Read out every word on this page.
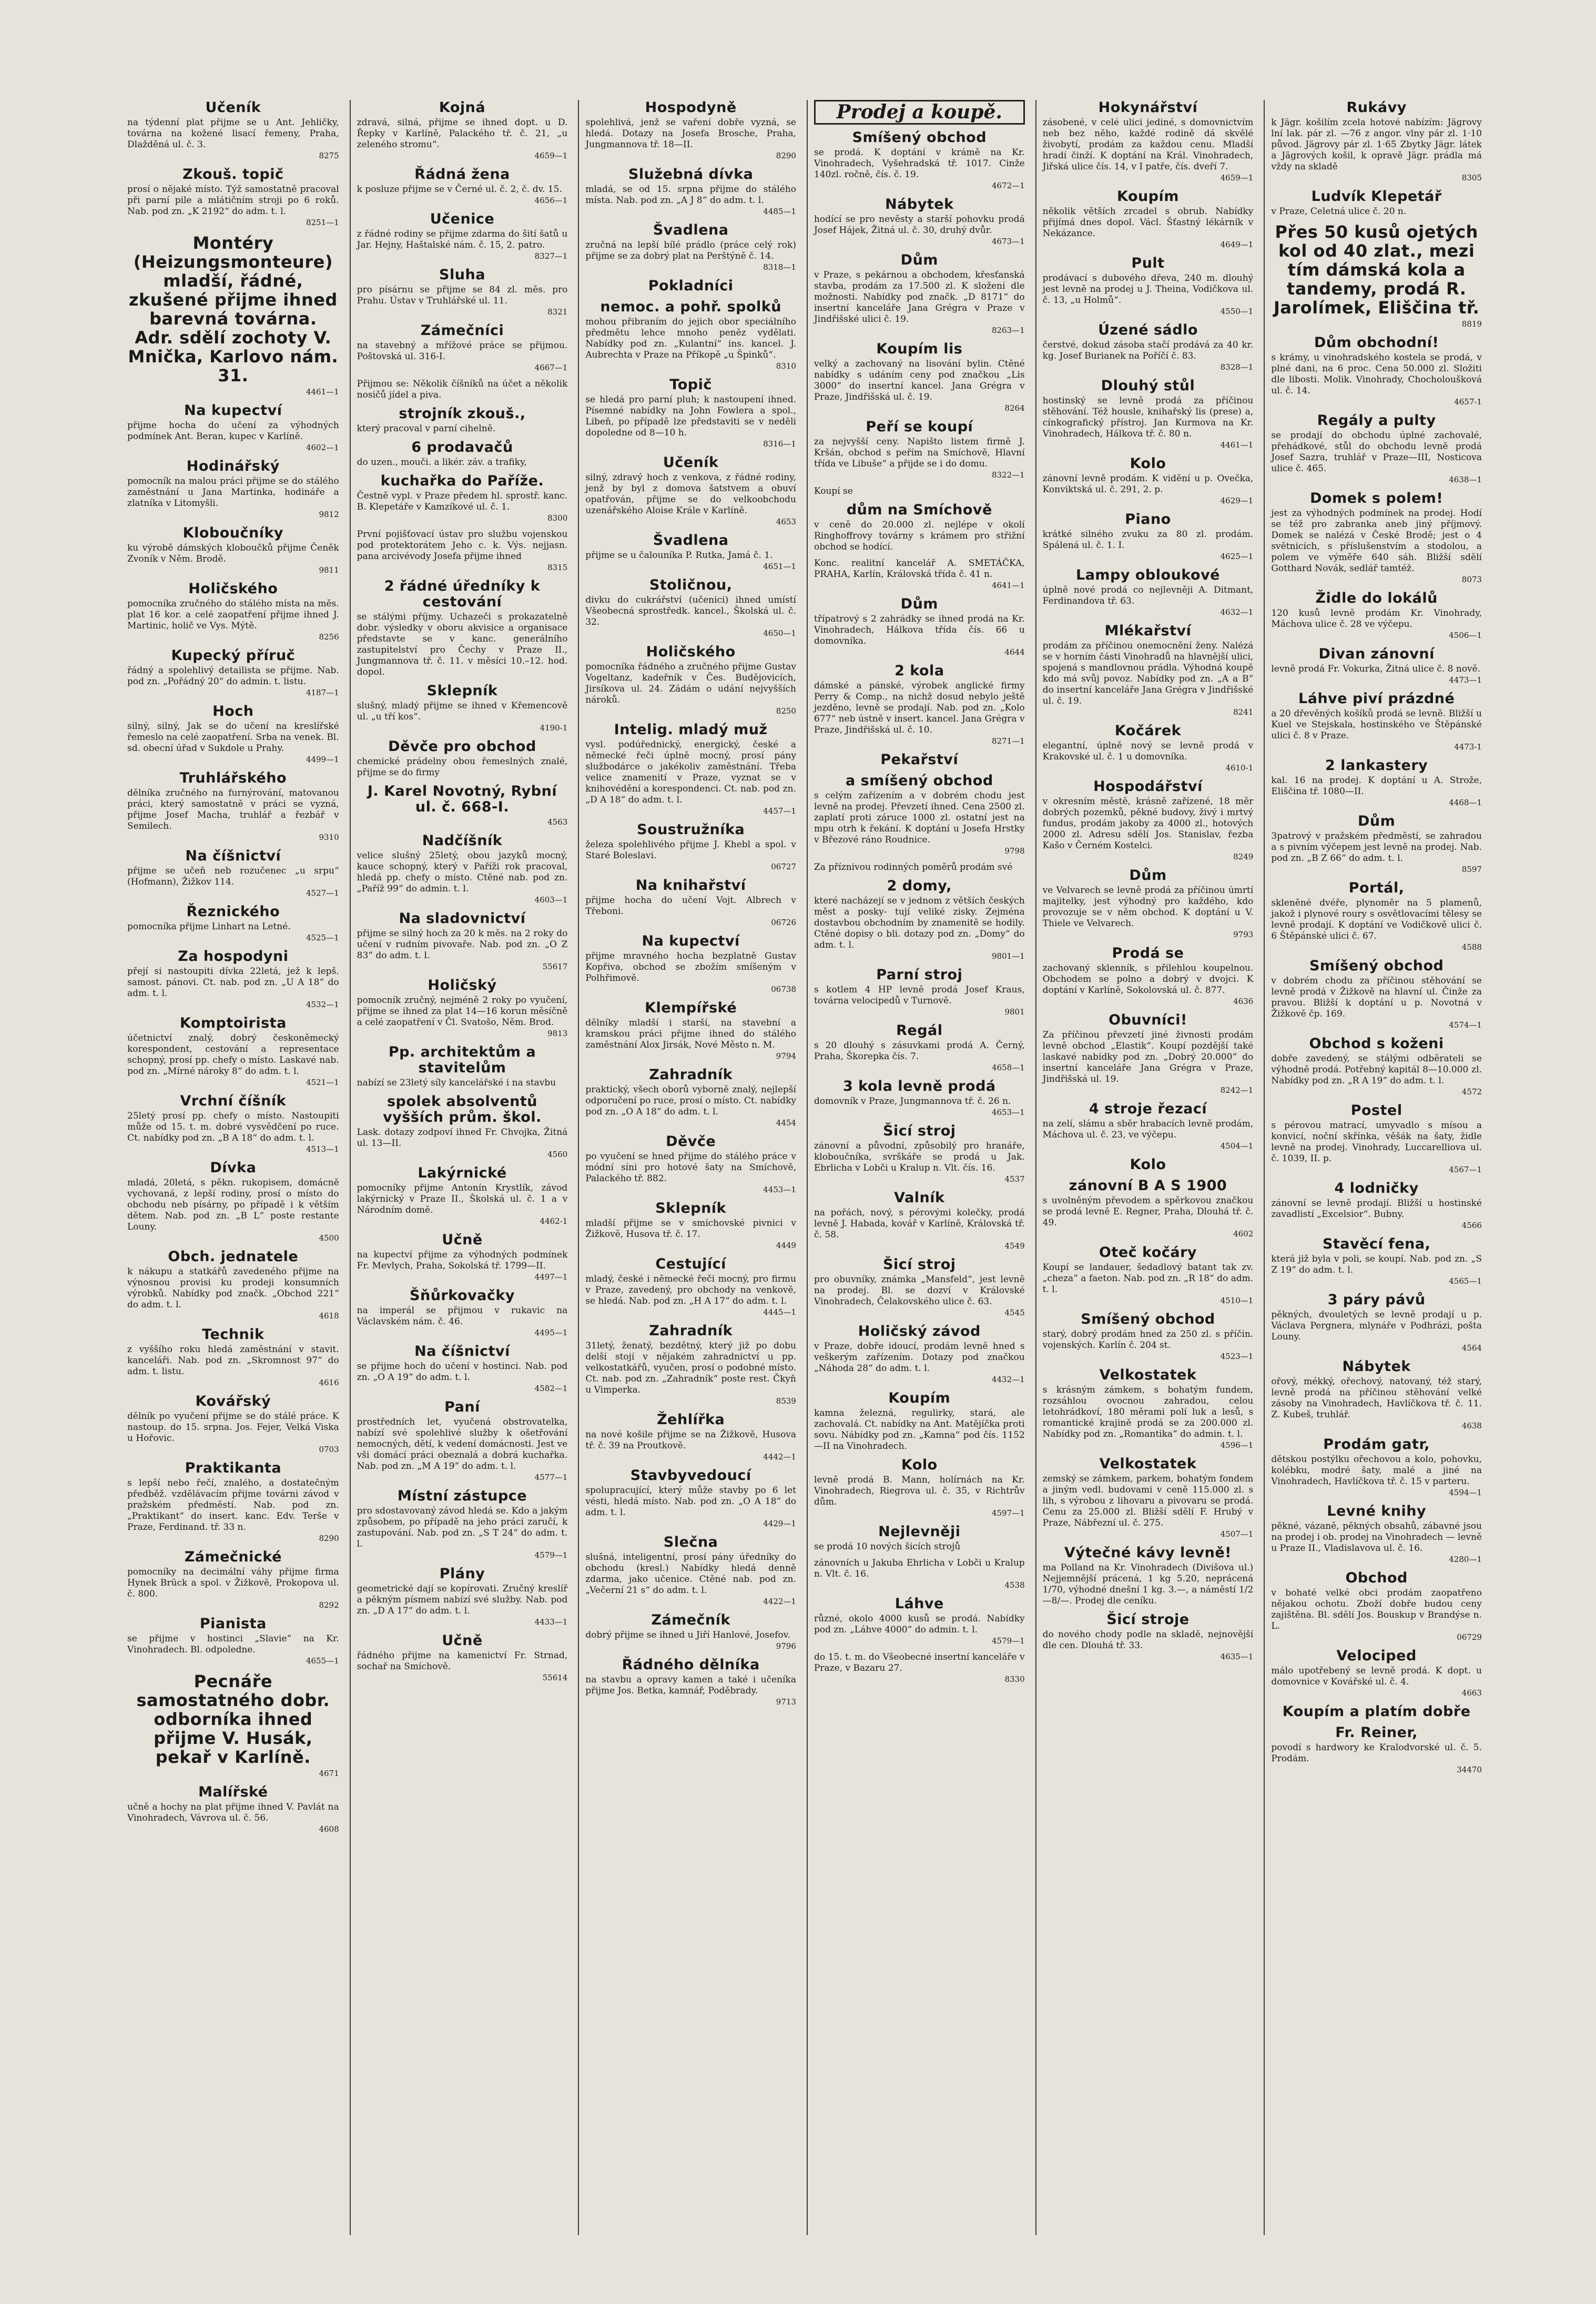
Učeník

na týdenní plat přijme se u Ant. Jehličky, továrna na kožené lisací řemeny, Praha, Dlažděná ul. č. 3.

8275
Zkouš. topič

prosí o nějaké místo. Týž samostatně pracoval při parní pile a mlátičním stroji po 6 roků. Nab. pod zn. „K 2192“ do adm. t. l.

8251—1
Montéry (Heizungsmonteure) mladší, řádné, zkušené přijme ihned barevná továrna. Adr. sdělí zochoty V. Mnička, Karlovo nám. 31.
4461—1
Na kupectví

přijme hocha do učení za výhodných podmínek Ant. Beran, kupec v Karlíně.

4602—1
Hodinářský

pomocník na malou práci přijme se do stálého zaměstnání u Jana Martinka, hodináře a zlatníka v Litomyšli.

9812
Kloboučníky

ku výrobě dámských kloboučků přijme Čeněk Zvoník v Něm. Brodě.

9811
Holičského

pomocníka zručného do stálého místa na měs. plat 16 kor. a celé zaopatření přijme ihned J. Martinic, holič ve Vys. Mýtě.

8256
Kupecký příruč

řádný a spolehlivý detailista se přijme. Nab. pod zn. „Pořádný 20“ do admin. t. listu.

4187—1
Hoch

silný, silný, Jak se do učení na kreslířské řemeslo na celé zaopatření. Srba na venek. Bl. sd. obecní úřad v Sukdole u Prahy.

4499—1
Truhlářského

dělníka zručného na furnýrování, matovanou práci, který samostatně v práci se vyzná, přijme Josef Macha, truhlář a řezbář v Semilech.

9310
Na číšnictví

přijme se učeň neb rozučenec „u srpu“ (Hofmann), Žižkov 114.

4527—1
Řeznického

pomocníka přijme Linhart na Letné.

4525—1
Za hospodyni

přejí si nastoupiti dívka 22letá, jež k lepš. samost. pánovi. Ct. nab. pod zn. „U A 18“ do adm. t. l.

4532—1
Komptoirista

účetnictví znalý, dobrý českoněmecký korespondent, cestování a representace schopný, prosí pp. chefy o místo. Laskavé nab. pod zn. „Mírné nároky 8“ do adm. t. l.

4521—1
Vrchní číšník

25letý prosí pp. chefy o místo. Nastoupiti může od 15. t. m. dobré vysvědčení po ruce. Ct. nabídky pod zn. „B A 18“ do adm. t. l.

4513—1
Dívka

mladá, 20letá, s pěkn. rukopisem, domácně vychovaná, z lepší rodiny, prosí o místo do obchodu neb písárny, po případě i k větším dětem. Nab. pod zn. „B L“ poste restante Louny.

4500
Obch. jednatele

k nákupu a statkářů zavedeného přijme na výnosnou provisi ku prodeji konsumních výrobků. Nabídky pod značk. „Obchod 221“ do adm. t. l.

4618
Technik

z vyššího roku hledá zaměstnání v stavit. kanceláři. Nab. pod zn. „Skromnost 97“ do adm. t. listu.

4616
Kovářský

dělník po vyučení přijme se do stálé práce. K nastoup. do 15. srpna. Jos. Fejer, Velká Viska u Hořovic.

0703
Praktikanta

s lepší nebo řečí, znalého, a dostatečným předběž. vzdělávacím přijme továrni závod v pražském předměstí. Nab. pod zn. „Praktikant“ do insert. kanc. Edv. Terše v Praze, Ferdinand. tř. 33 n.

8290
Zámečnické

pomocníky na decimální váhy přijme firma Hynek Brück a spol. v Žižkově, Prokopova ul. č. 800.

8292
Pianista

se přijme v hostinci „Slavie“ na Kr. Vinohradech. Bl. odpoledne.

4655—1
Pecnáře samostatného dobr. odborníka ihned přijme V. Husák, pekař v Karlíně.
4671
Malířské

učně a hochy na plat přijme ihned V. Pavlát na Vinohradech, Vávrova ul. č. 56.

4608
Kojná

zdravá, silná, přijme se ihned dopt. u D. Řepky v Karlíně, Palackého tř. č. 21, „u zeleného stromu“.

4659—1
Řádná žena

k posluze přijme se v Černé ul. č. 2, č. dv. 15.

4656—1
Učenice

z řádné rodiny se přijme zdarma do šití šatů u Jar. Hejny, Haštalské nám. č. 15, 2. patro.

8327—1
Sluha

pro písárnu se přijme se 84 zl. měs. pro Prahu. Ústav v Truhlářské ul. 11.

8321
Zámečníci

na stavebný a mřížové práce se přijmou. Poštovská ul. 316-I.

4667—1

Přijmou se: Několik číšníků na účet a několik nosičů jídel a piva.

strojník zkouš.,

který pracoval v parní cihelně.

6 prodavačů

do uzen., mouči. a likér. záv. a trafiky,

kuchařka do Paříže.

Čestně vypl. v Praze předem hl. sprostř. kanc. B. Klepetáře v Kamzíkové ul. č. 1.

8300

První pojišťovací ústav pro službu vojenskou pod protektorátem Jeho c. k. Výs. nejjasn. pana arcivévody Josefa přijme ihned

8315
2 řádné úředníky k cestování

se stálými příjmy. Uchazeči s prokazatelně dobr. výsledky v oboru akvisice a organisace představte se v kanc. generálního zastupitelství pro Čechy v Praze II., Jungmannova tř. č. 11. v měsíci 10.–12. hod. dopol.

Sklepník

slušný, mladý přijme se ihned v Křemencově ul. „u tří kos“.

4190-1
Děvče pro obchod

chemické prádelny obou řemeslných znalé, přijme se do firmy

J. Karel Novotný, Rybní ul. č. 668-I.
4563
Nadčíšník

velice slušný 25letý, obou jazyků mocný, kauce schopný, který v Paříži rok pracoval, hledá pp. chefy o místo. Ctěné nab. pod zn. „Paříž 99“ do admin. t. l.

4603—1
Na sladovnictví

přijme se silný hoch za 20 k měs. na 2 roky do učení v rudním pivovaře. Nab. pod zn. „O Z 83“ do adm. t. l.

55617
Holičský

pomocník zručný, nejméně 2 roky po vyučení, přijme se ihned za plat 14—16 korun měsíčně a celé zaopatření v Čl. Svatošo, Něm. Brod.

9813
Pp. architektům a stavitelům

nabízí se 23letý síly kancelářské i na stavbu

spolek absolventů vyšších prům. škol.

Lask. dotazy zodpoví ihned Fr. Chvojka, Žitná ul. 13—II.

4560
Lakýrnické

pomocníky přijme Antonín Krystlík, závod lakýrnický v Praze II., Školská ul. č. 1 a v Národním domě.

4462-1
Učně

na kupectví přijme za výhodných podmínek Fr. Mevlych, Praha, Sokolská tř. 1799—II.

4497—1
Šňůrkovačky

na imperál se přijmou v rukavic na Václavském nám. č. 46.

4495—1
Na číšnictví

se přijme hoch do učení v hostinci. Nab. pod zn. „O A 19“ do adm. t. l.

4582—1
Paní

prostředních let, vyučená obstrovatelka, nabízí své spolehlivé služby k ošetřování nemocných, dětí, k vedení domácnosti. Jest ve vši domácí práci obeznalá a dobrá kuchařka. Nab. pod zn. „M A 19“ do adm. t. l.

4577—1
Místní zástupce

pro sdostavovaný závod hledá se. Kdo a jakým způsobem, po případě na jeho práci zaručí, k zastupování. Nab. pod zn. „S T 24“ do adm. t. l.

4579—1
Plány

geometrické dají se kopírovati. Zručný kreslíř a pěkným písmem nabízí své služby. Nab. pod zn. „D A 17“ do adm. t. l.

4433—1
Učně

řádného přijme na kamenictví Fr. Strnad, sochař na Smíchově.

55614
Hospodyně

spolehlivá, jenž se vaření dobře vyzná, se hledá. Dotazy na Josefa Brosche, Praha, Jungmannova tř. 18—II.

8290
Služebná dívka

mladá, se od 15. srpna přijme do stálého místa. Nab. pod zn. „A J 8“ do adm. t. l.

4485—1
Švadlena

zručná na lepší bílé prádlo (práce celý rok) přijme se za dobrý plat na Perštýně č. 14.

8318—1
Pokladníci
nemoc. a pohř. spolků

mohou přibraním do jejich obor speciálního předmětu lehce mnoho peněz vydělati. Nabídky pod zn. „Kulantní“ ins. kancel. J. Aubrechta v Praze na Příkopě „u Špinků“.

8310
Topič

se hledá pro parní pluh; k nastoupení ihned. Písemné nabídky na John Fowlera a spol., Libeň, po případě lze představiti se v neděli dopoledne od 8—10 h.

8316—1
Učeník

silný, zdravý hoch z venkova, z řádné rodiny, jenž by byl z domova šatstvem a obuví opatřován, přijme se do velkoobchodu uzenářského Aloise Krále v Karlíně.

4653
Švadlena

přijme se u čalouníka P. Rutka, Jamá č. 1.

4651—1
Stoličnou,

divku do cukrářství (učenici) ihned umístí Všeobecná sprostředk. kancel., Školská ul. č. 32.

4650—1
Holičského

pomocníka řádného a zručného přijme Gustav Vogeltanz, kadeřník v Čes. Budějovicích, Jirsíkova ul. 24. Zádám o udání nejvyšších nároků.

8250
Intelig. mladý muž

vysl. podúřednický, energický, české a německé řeči úplně mocný, prosí pány službodárce o jakékoliv zaměstnání. Třeba velice znamenití v Praze, vyznat se v knihovédění a korespondenci. Ct. nab. pod zn. „D A 18“ do adm. t. l.

4457—1
Soustružníka

železa spolehlivého přijme J. Khebl a spol. v Staré Boleslavi.

06727
Na knihařství

přijme hocha do učení Vojt. Albrech v Třeboni.

06726
Na kupectví

přijme mravného hocha bezplatně Gustav Kopřiva, obchod se zbožím smíšeným v Polhřimově.

06738
Klempířské

dělníky mladší i starší, na stavební a kramskou práci přijme ihned do stálého zaměstnání Alox Jirsák, Nové Město n. M.

9794
Zahradník

praktický, všech oborů vyborně znalý, nejlepší odporučení po ruce, prosí o místo. Ct. nabídky pod zn. „O A 18“ do adm. t. l.

4454
Děvče

po vyučení se hned přijme do stálého práce v módní síni pro hotové šaty na Smíchově, Palackého tř. 882.

4453—1
Sklepník

mladší přijme se v smíchovské pivnici v Žižkově, Husova tř. č. 17.

4449
Cestující

mladý, české i německé řeči mocný, pro firmu v Praze, zavedený, pro obchody na venkově, se hledá. Nab. pod zn. „H A 17“ do adm. t. l.

4445—1
Zahradník

31letý, ženatý, bezdětný, který již po dobu delší stojí v nějakém zahradnictví u pp. velkostatkářů, vyučen, prosí o podobné místo. Ct. nab. pod zn. „Zahradník“ poste rest. Čkyň u Vimperka.

8539
Žehlířka

na nové košile přijme se na Žižkově, Husova tř. č. 39 na Proutkově.

4442—1
Stavbyvedoucí

spolupracující, který může stavby po 6 let vésti, hledá místo. Nab. pod zn. „O A 18“ do adm. t. l.

4429—1
Slečna

slušná, inteligentní, prosí pány úředníky do obchodu (kresl.) Nabídky hledá denně zdarma, jako učenice. Ctěné nab. pod zn. „Večerní 21 s“ do adm. t. l.

4422—1
Zámečník

dobrý přijme se ihned u Jiří Hanlové, Josefov.

9796
Řádného dělníka

na stavbu a opravy kamen a také i učeníka přijme Jos. Betka, kamnář, Poděbrady.

9713
Prodej a koupě.
Smíšený obchod

se prodá. K doptání v krámě na Kr. Vinohradech, Vyšehradská tř. 1017. Cinže 140zl. ročně, čís. č. 19.

4672—1
Nábytek

hodící se pro nevěsty a starší pohovku prodá Josef Hájek, Žitná ul. č. 30, druhý dvůr.

4673—1
Dům

v Praze, s pekárnou a obchodem, křesťanská stavba, prodám za 17.500 zl. K složení dle možnosti. Nabídky pod značk. „D 8171“ do insertní kanceláře Jana Grégra v Praze v Jindřišské ulici č. 19.

8263—1
Koupím lis

velký a zachovaný na lisování bylin. Ctěné nabídky s udáním ceny pod značkou „Lis 3000“ do insertní kancel. Jana Grégra v Praze, Jindřišská ul. č. 19.

8264
Peří se koupí

za nejvyšší ceny. Napišto listem firmě J. Kršán, obchod s peřím na Smíchově, Hlavní třída ve Libuše“ a přijde se i do domu.

8322—1

Koupí se

dům na Smíchově

v ceně do 20.000 zl. nejlépe v okolí Ringhoffrovy továrny s krámem pro střižní obchod se hodící.

Konc. realitní kancelář A. SMETÁČKA, PRAHA, Karlín, Královská třída č. 41 n.

4641—1
Dům

třípatrový s 2 zahrádky se ihned prodá na Kr. Vinohradech, Hálkova třída čís. 66 u domovníka.

4644
2 kola

dámské a pánské, výrobek anglické firmy Perry & Comp., na nichž dosud nebylo ještě jezděno, levně se prodají. Nab. pod zn. „Kolo 677“ neb ústně v insert. kancel. Jana Grégra v Praze, Jindřišská ul. č. 10.

8271—1
Pekařství
a smíšený obchod

s celým zařízením a v dobrém chodu jest levně na prodej. Převzetí ihned. Cena 2500 zl. zaplatí proti záruce 1000 zl. ostatní jest na mpu otrh k řekání. K doptání u Josefa Hrstky v Březové ráno Roudnice.

9798

Za příznivou rodinných poměrů prodám své

2 domy,

které nacházejí se v jednom z větších českých měst a posky- tují veliké zisky. Zejména dostavbou obchodním by znamenitě se hodily. Ctěné dopisy o bli. dotazy pod zn. „Domy“ do adm. t. l.

9801—1
Parní stroj

s kotlem 4 HP levně prodá Josef Kraus, továrna velocipedů v Turnově.

9801
Regál

s 20 dlouhý s zásuvkami prodá A. Černý, Praha, Škorepka čís. 7.

4658—1
3 kola levně prodá

domovník v Praze, Jungmannova tř. č. 26 n.

4653—1
Šicí stroj

zánovní a původní, způsobilý pro hranáře, kloboučníka, svrškáře se prodá u Jak. Ebrlicha v Lobči u Kralup n. Vlt. čís. 16.

4537
Valník

na pořách, nový, s pérovými kolečky, prodá levně J. Habada, kovář v Karlíně, Královská tř. č. 58.

4549
Šicí stroj

pro obuvníky, známka „Mansfeld“, jest levně na prodej. Bl. se dozví v Královské Vinohradech, Čelakovského ulice č. 63.

4545
Holičský závod

v Praze, dobře idoucí, prodám levně hned s veškerým zařízením. Dotazy pod značkou „Náhoda 28“ do adm. t. l.

4432—1
Koupím

kamna železná, regulirky, stará, ale zachovalá. Ct. nabídky na Ant. Matějíčka proti sovu. Nábídky pod zn. „Kamna“ pod čís. 1152—II na Vinohradech.

Kolo

levně prodá B. Mann, holírnách na Kr. Vinohradech, Riegrova ul. č. 35, v Richtrův dům.

4597—1
Nejlevněji

se prodá 10 nových šicích strojů

zánovních u Jakuba Ehrlicha v Lobči u Kralup n. Vlt. č. 16.

4538
Láhve

různé, okolo 4000 kusů se prodá. Nabídky pod zn. „Láhve 4000“ do admin. t. l.

4579—1

do 15. t. m. do Všeobecné insertní kanceláře v Praze, v Bazaru 27.

8330
Hokynářství

zásobené, v celé ulici jediné, s domovnictvím neb bez něho, každé rodině dá skvělé živobytí, prodám za každou cenu. Mladší hradí činží. K doptání na Král. Vinohradech, Jiřská ulice čís. 14, v I patře, čís. dveří 7.

4659—1
Koupím

několik větších zrcadel s obrub. Nabídky přijímá dnes dopol. Václ. Šťastný lékárník v Nekázance.

4649—1
Pult

prodávací s dubového dřeva, 240 m. dlouhý jest levně na prodej u J. Theina, Vodičkova ul. č. 13, „u Holmů“.

4550—1
Úzené sádlo

čerstvé, dokud zásoba stačí prodává za 40 kr. kg. Josef Burianek na Poříčí č. 83.

8328—1
Dlouhý stůl

hostinský se levně prodá za příčinou stěhování. Též housle, knihařský lis (prese) a, cínkografický přístroj. Jan Kurmova na Kr. Vinohradech, Hálkova tř. č. 80 n.

4461—1
Kolo

zánovní levně prodám. K vidění u p. Ovečka, Konviktská ul. č. 291, 2. p.

4629—1
Piano

krátké silného zvuku za 80 zl. prodám. Spálená ul. č. 1. I.

4625—1
Lampy obloukové

úplně nové prodá co nejlevněji A. Ditmant, Ferdinandova tř. 63.

4632—1
Mlékařství

prodám za příčinou onemocnění ženy. Nalézá se v horním části Vinohradů na hlavnější ulici, spojená s mandlovnou prádla. Výhodná koupě kdo má svůj povoz. Nabídky pod zn. „A a B“ do insertní kanceláře Jana Grégra v Jindřišské ul. č. 19.

8241
Kočárek

elegantní, úplně nový se levně prodá v Krakovské ul. č. 1 u domovníka.

4610-1
Hospodářství

v okresním městě, krásně zařízené, 18 měr dobrých pozemků, pěkné budovy, živý i mrtvý fundus, prodám jakoby za 4000 zl., hotových 2000 zl. Adresu sdělí Jos. Stanislav, řezba Kašo v Černém Kostelci.

8249
Dům

ve Velvarech se levně prodá za příčinou úmrtí majitelky, jest výhodný pro každého, kdo provozuje se v něm obchod. K doptání u V. Thiele ve Velvarech.

9793
Prodá se

zachovaný sklenník, s přilehlou koupelnou. Obchodem se polno a dobrý v dvojci. K doptání v Karlíně, Sokolovská ul. č. 877.

4636
Obuvníci!

Za příčinou převzetí jiné živnosti prodám levně obchod „Elastik“. Koupí pozdější také laskavé nabídky pod zn. „Dobrý 20.000“ do insertní kanceláře Jana Grégra v Praze, Jindřišská ul. 19.

8242—1
4 stroje řezací

na zelí, slámu a sběr hrabacích levně prodám, Máchova ul. č. 23, ve výčepu.

4504—1
Kolo
zánovní B A S 1900

s uvolněným převodem a spěrkovou značkou se prodá levně E. Regner, Praha, Dlouhá tř. č. 49.

4602
Oteč kočáry

Koupí se landauer, šedadlový batant tak zv. „cheza“ a faeton. Nab. pod zn. „R 18“ do adm. t. l.

4510—1
Smíšený obchod

starý, dobrý prodám hned za 250 zl. s příčin. vojenských. Karlín č. 204 st.

4523—1
Velkostatek

s krásným zámkem, s bohatým fundem, rozsáhlou ovocnou zahradou, celou letohrádkoví, 180 měrami polí luk a lesů, s romantické krajině prodá se za 200.000 zl. Nabídky pod zn. „Romantika“ do admin. t. l.

4596—1
Velkostatek

zemský se zámkem, parkem, bohatým fondem a jiným vedl. budovami v ceně 115.000 zl. s lih, s výrobou z lihovaru a pivovaru se prodá. Cenu za 25.000 zl. Bližší sdělí F. Hrubý v Praze, Nábřezní ul. č. 275.

4507—1
Výtečné kávy levně!

ma Polland na Kr. Vinohradech (Divišova ul.) Nejjemnější prácená, 1 kg 5.20, neprácená 1/70, výhodné dnešní 1 kg. 3.—, a náměstí 1/2—8/—. Prodej dle ceníku.

Šicí stroje

do nového chody podle na skladě, nejnovější dle cen. Dlouhá tř. 33.

4635—1
Rukávy

k Jägr. košilím zcela hotové nabízím: Jägrovy lní lak. pár zl. —76 z angor. vlny pár zl. 1·10 původ. Jägrovy pár zl. 1·65 Zbytky Jägr. látek a Jägrových košil, k opravě Jägr. prádla má vždy na skladě

8305
Ludvík Klepetář

v Praze, Celetná ulice č. 20 n.

Přes 50 kusů ojetých kol od 40 zlat., mezi tím dámská kola a tandemy, prodá R. Jarolímek, Eliščina tř.
8819
Dům obchodní!

s krámy, u vinohradského kostela se prodá, v plné dani, na 6 proc. Cena 50.000 zl. Složiti dle libosti. Molik. Vinohrady, Chocholoušková ul. č. 14.

4657-1
Regály a pulty

se prodají do obchodu úplné zachovalé, přehádkové, stůl do obchodu levně prodá Josef Sazra, truhlář v Praze—III, Nosticova ulice č. 465.

4638—1
Domek s polem!

jest za výhodných podmínek na prodej. Hodí se též pro zabranka aneb jiný příjmový. Domek se nalézá v České Brodě; jest o 4 světnicích, s příslušenstvím a stodolou, a polem ve výměře 640 sáh. Bližší sdělí Gotthard Novák, sedlář tamtéž.

8073
Židle do lokálů

120 kusů levně prodám Kr. Vinohrady, Máchova ulice č. 28 ve výčepu.

4506—1
Divan zánovní

levně prodá Fr. Vokurka, Žitná ulice č. 8 nově.

4473—1
Láhve piví prázdné

a 20 dřevěných košíků prodá se levně. Bližší u Kuel ve Stejskala, hostinského ve Štěpánské ulici č. 8 v Praze.

4473-1
2 lankastery

kal. 16 na prodej. K doptání u A. Strože, Eliščina tř. 1080—II.

4468—1
Dům

3patrový v pražském předměstí, se zahradou a s pivním výčepem jest levně na prodej. Nab. pod zn. „B Z 66“ do adm. t. l.

8597
Portál,

skleněné dvéře, plynoměr na 5 plamenů, jakož i plynové roury s osvětlovacími tělesy se levně prodají. K doptání ve Vodičkově ulici č. 6 Štěpánské ulici č. 67.

4588
Smíšený obchod

v dobrém chodu za příčinou stěhování se levně prodá v Žižkově na hlavní ul. Činže za pravou. Bližší k doptání u p. Novotná v Žižkově čp. 169.

4574—1
Obchod s koženi

dobře zavedený, se stálými odběrateli se výhodně prodá. Potřebný kapitál 8—10.000 zl. Nabídky pod zn. „R A 19“ do adm. t. l.

4572
Postel

s pérovou matrací, umyvadlo s mísou a konvicí, noční skřínka, věšák na šaty, židle levně na prodej. Vinohrady, Luccarelliova ul. č. 1039, II. p.

4567—1
4 lodničky

zánovní se levně prodají. Bližší u hostinské zavadlistí „Excelsior“. Bubny.

4566
Stavěcí fena,

která již byla v poli, se koupí. Nab. pod zn. „S Z 19“ do adm. t. l.

4565—1
3 páry pávů

pěkných, dvouletých se levně prodají u p. Václava Pergnera, mlynáře v Podhrázi, pošta Louny.

4564
Nábytek

ořový, mékký, ořechový, natovaný, též starý, levně prodá na příčinou stěhování velké zásoby na Vinohradech, Havlíčkova tř. č. 11. Z. Kubeš, truhlář.

4638
Prodám gatr,

dětskou postýlku ořechovou a kolo, pohovku, kolébku, modré šaty, malé a jiné na Vinohradech, Havlíčkova tř. č. 15 v parteru.

4594—1
Levné knihy

pěkné, vázaně, pěkných obsahů, zábavné jsou na prodej i ob. prodej na Vinohradech — levně u Praze II., Vladislavova ul. č. 16.

4280—1
Obchod

v bohaté velké obci prodám zaopatřeno nějakou ochotu. Zboží dobře budou ceny zajištěna. Bl. sdělí Jos. Bouskup v Brandýse n. L.

06729
Velociped

málo upotřebený se levně prodá. K dopt. u domovnice v Kovářské ul. č. 4.

4663
Koupím a platím dobře
Fr. Reiner,

povodí s hardwory ke Kralodvorské ul. č. 5. Prodám.

34470
